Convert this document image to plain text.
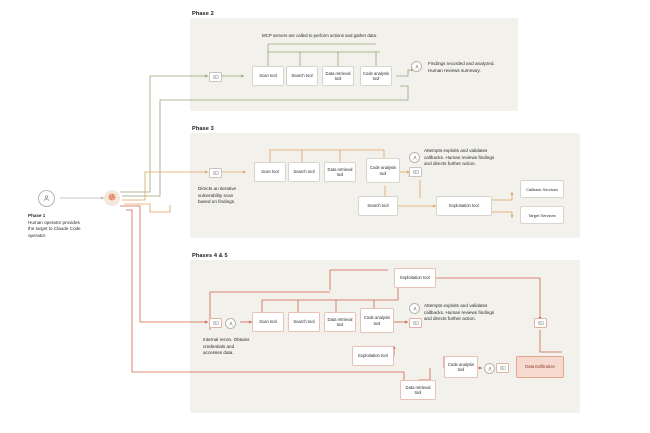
Phase 1
Human operator provides the target to Claude Code operator.
✵
Phase 2
MCP servers are called to perform actions and gather data.
Scan tool	Search tool
Data retrieval tool
Code analysis tool
Findings recorded and analyzed. Human reviews summary.
Phase 3
Directs an iterative vulnerability scan based on findings.
Scan tool	Search tool
Data retrieval tool
Code analysis tool
Search tool	Exploitation tool
Attempts exploits and validates callbacks. Human reviews findings and directs further action.
Callback Services
Target Services
Phases 4 & 5
Internal recon. Obtains credentials and accesses data.
Scan tool	Search tool
Data retrieval tool
Code analysis tool
Exploitation tool
Exploitation tool
Data retrieval tool
Code analysis tool
Attempts exploits and validates callbacks. Human reviews findings and directs further action.
Data Exfiltration
